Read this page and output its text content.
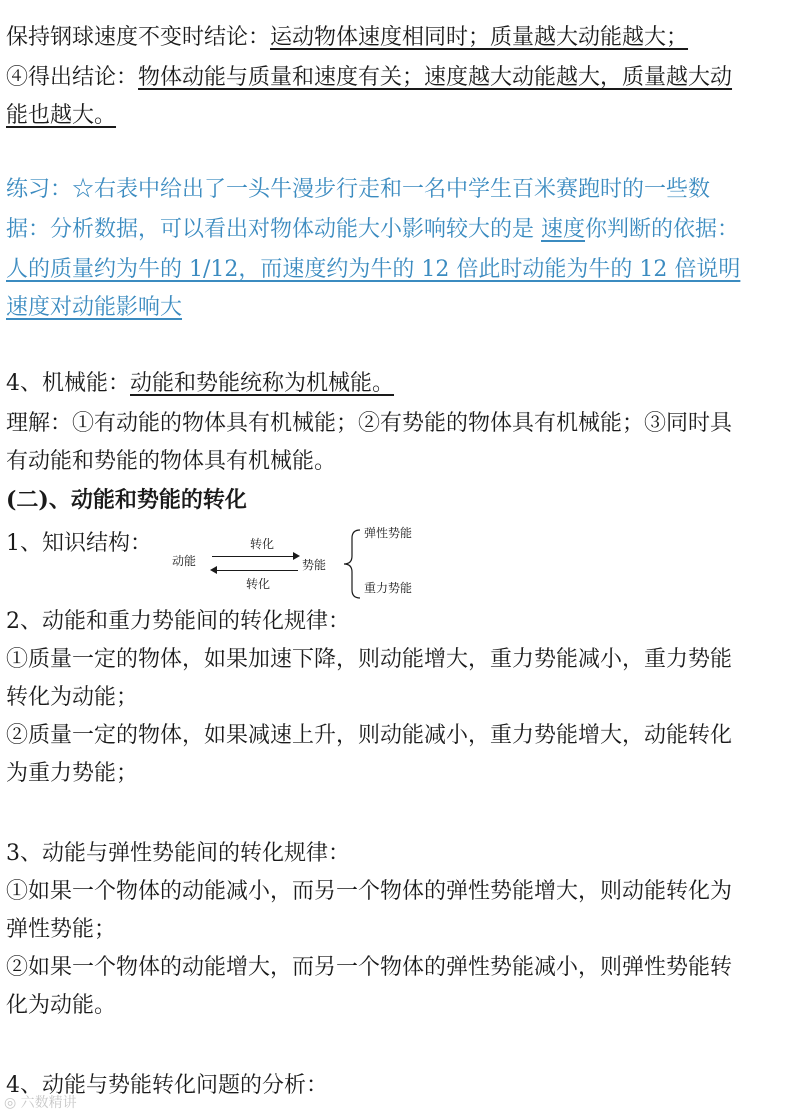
保持钢球速度不变时结论：运动物体速度相同时；质量越大动能越大；
④得出结论：物体动能与质量和速度有关；速度越大动能越大，质量越大动
能也越大。
练习：☆右表中给出了一头牛漫步行走和一名中学生百米赛跑时的一些数
据：分析数据，可以看出对物体动能大小影响较大的是 速度你判断的依据：
人的质量约为牛的 1/12，而速度约为牛的 12 倍此时动能为牛的 12 倍说明
速度对动能影响大
4、机械能：动能和势能统称为机械能。
理解：①有动能的物体具有机械能；②有势能的物体具有机械能；③同时具
有动能和势能的物体具有机械能。
(二)、动能和势能的转化
1、知识结构：
动能
转化
转化
势能
弹性势能
重力势能
2、动能和重力势能间的转化规律：
①质量一定的物体，如果加速下降，则动能增大，重力势能减小，重力势能
转化为动能；
②质量一定的物体，如果减速上升，则动能减小，重力势能增大，动能转化
为重力势能；
3、动能与弹性势能间的转化规律：
①如果一个物体的动能减小，而另一个物体的弹性势能增大，则动能转化为
弹性势能；
②如果一个物体的动能增大，而另一个物体的弹性势能减小，则弹性势能转
化为动能。
4、动能与势能转化问题的分析：
◎ 六数精讲
